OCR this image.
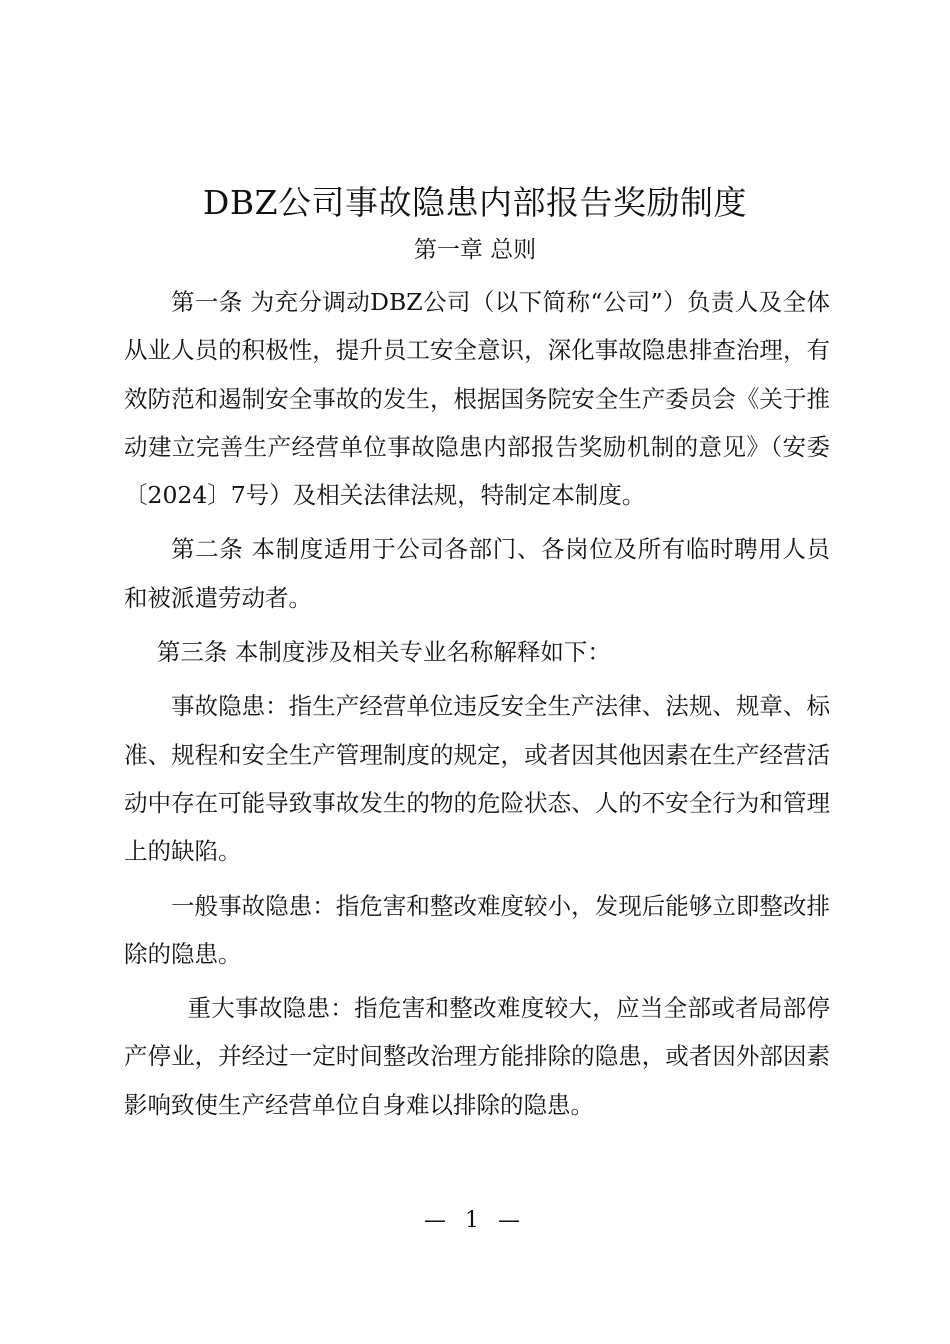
DBZ公司事故隐患内部报告奖励制度
第一章 总则

第一条 为充分调动DBZ公司（以下简称“公司”）负责人及全体从业人员的积极性，提升员工安全意识，深化事故隐患排查治理，有效防范和遏制安全事故的发生，根据国务院安全生产委员会《关于推动建立完善生产经营单位事故隐患内部报告奖励机制的意见》（安委〔2024〕7号）及相关法律法规，特制定本制度。

第二条 本制度适用于公司各部门、各岗位及所有临时聘用人员和被派遣劳动者。

第三条 本制度涉及相关专业名称解释如下：

事故隐患：指生产经营单位违反安全生产法律、法规、规章、标准、规程和安全生产管理制度的规定，或者因其他因素在生产经营活动中存在可能导致事故发生的物的危险状态、人的不安全行为和管理上的缺陷。

一般事故隐患：指危害和整改难度较小，发现后能够立即整改排除的隐患。

重大事故隐患：指危害和整改难度较大，应当全部或者局部停产停业，并经过一定时间整改治理方能排除的隐患，或者因外部因素影响致使生产经营单位自身难以排除的隐患。

— 1 —
